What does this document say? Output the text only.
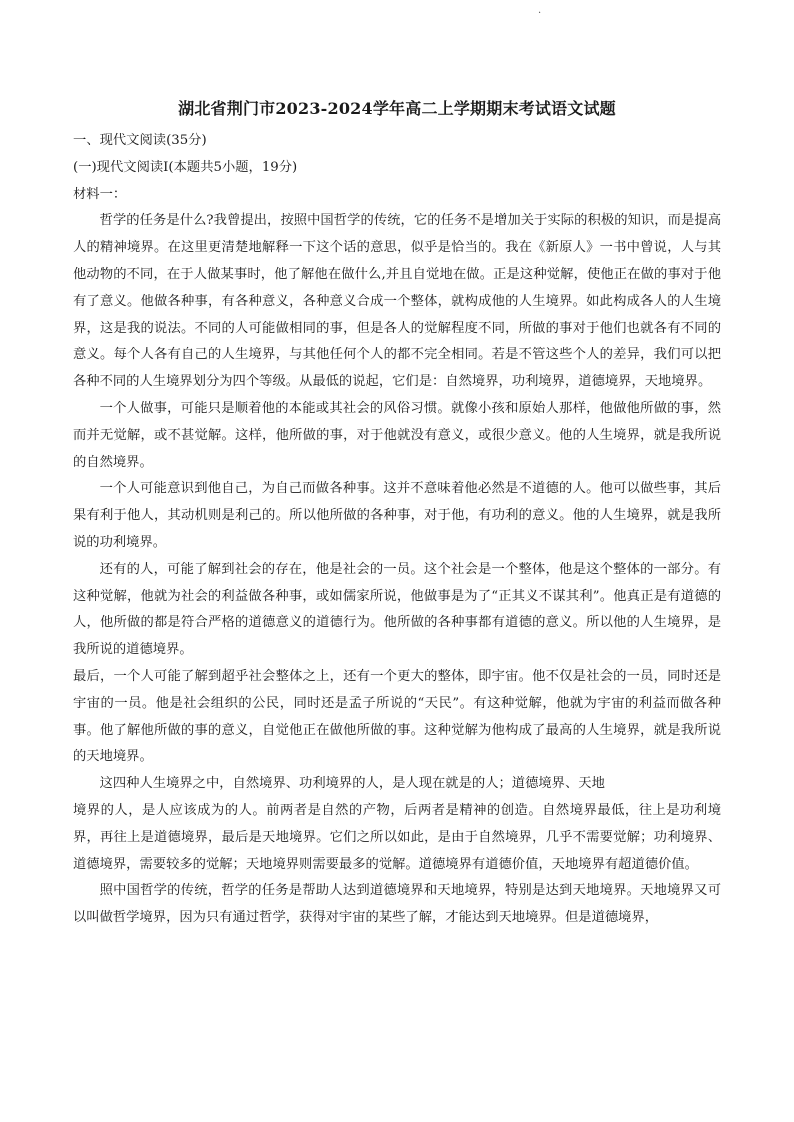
.
湖北省荆门市2023-2024学年高二上学期期末考试语文试题

一、现代文阅读(35分)

(一)现代文阅读Ⅰ(本题共5小题，19分)

材料一：

哲学的任务是什么?我曾提出，按照中国哲学的传统，它的任务不是增加关于实际的积极的知识，而是提高人的精神境界。在这里更清楚地解释一下这个话的意思，似乎是恰当的。我在《新原人》一书中曾说，人与其他动物的不同，在于人做某事时，他了解他在做什么,并且自觉地在做。正是这种觉解，使他正在做的事对于他有了意义。他做各种事，有各种意义，各种意义合成一个整体，就构成他的人生境界。如此构成各人的人生境界，这是我的说法。不同的人可能做相同的事，但是各人的觉解程度不同，所做的事对于他们也就各有不同的意义。每个人各有自己的人生境界，与其他任何个人的都不完全相同。若是不管这些个人的差异，我们可以把各种不同的人生境界划分为四个等级。从最低的说起，它们是：自然境界，功利境界，道德境界，天地境界。

一个人做事，可能只是顺着他的本能或其社会的风俗习惯。就像小孩和原始人那样，他做他所做的事，然而并无觉解，或不甚觉解。这样，他所做的事，对于他就没有意义，或很少意义。他的人生境界，就是我所说的自然境界。

一个人可能意识到他自己，为自己而做各种事。这并不意味着他必然是不道德的人。他可以做些事，其后果有利于他人，其动机则是利己的。所以他所做的各种事，对于他，有功利的意义。他的人生境界，就是我所说的功利境界。

还有的人，可能了解到社会的存在，他是社会的一员。这个社会是一个整体，他是这个整体的一部分。有这种觉解，他就为社会的利益做各种事，或如儒家所说，他做事是为了“正其义不谋其利”。他真正是有道德的人，他所做的都是符合严格的道德意义的道德行为。他所做的各种事都有道德的意义。所以他的人生境界，是我所说的道德境界。

最后，一个人可能了解到超乎社会整体之上，还有一个更大的整体，即宇宙。他不仅是社会的一员，同时还是宇宙的一员。他是社会组织的公民，同时还是孟子所说的“天民”。有这种觉解，他就为宇宙的利益而做各种事。他了解他所做的事的意义，自觉他正在做他所做的事。这种觉解为他构成了最高的人生境界，就是我所说的天地境界。

这四种人生境界之中，自然境界、功利境界的人，是人现在就是的人；道德境界、天地

境界的人，是人应该成为的人。前两者是自然的产物，后两者是精神的创造。自然境界最低，往上是功利境界，再往上是道德境界，最后是天地境界。它们之所以如此，是由于自然境界，几乎不需要觉解；功利境界、道德境界，需要较多的觉解；天地境界则需要最多的觉解。道德境界有道德价值，天地境界有超道德价值。

照中国哲学的传统，哲学的任务是帮助人达到道德境界和天地境界，特别是达到天地境界。天地境界又可以叫做哲学境界，因为只有通过哲学，获得对宇宙的某些了解，才能达到天地境界。但是道德境界，
